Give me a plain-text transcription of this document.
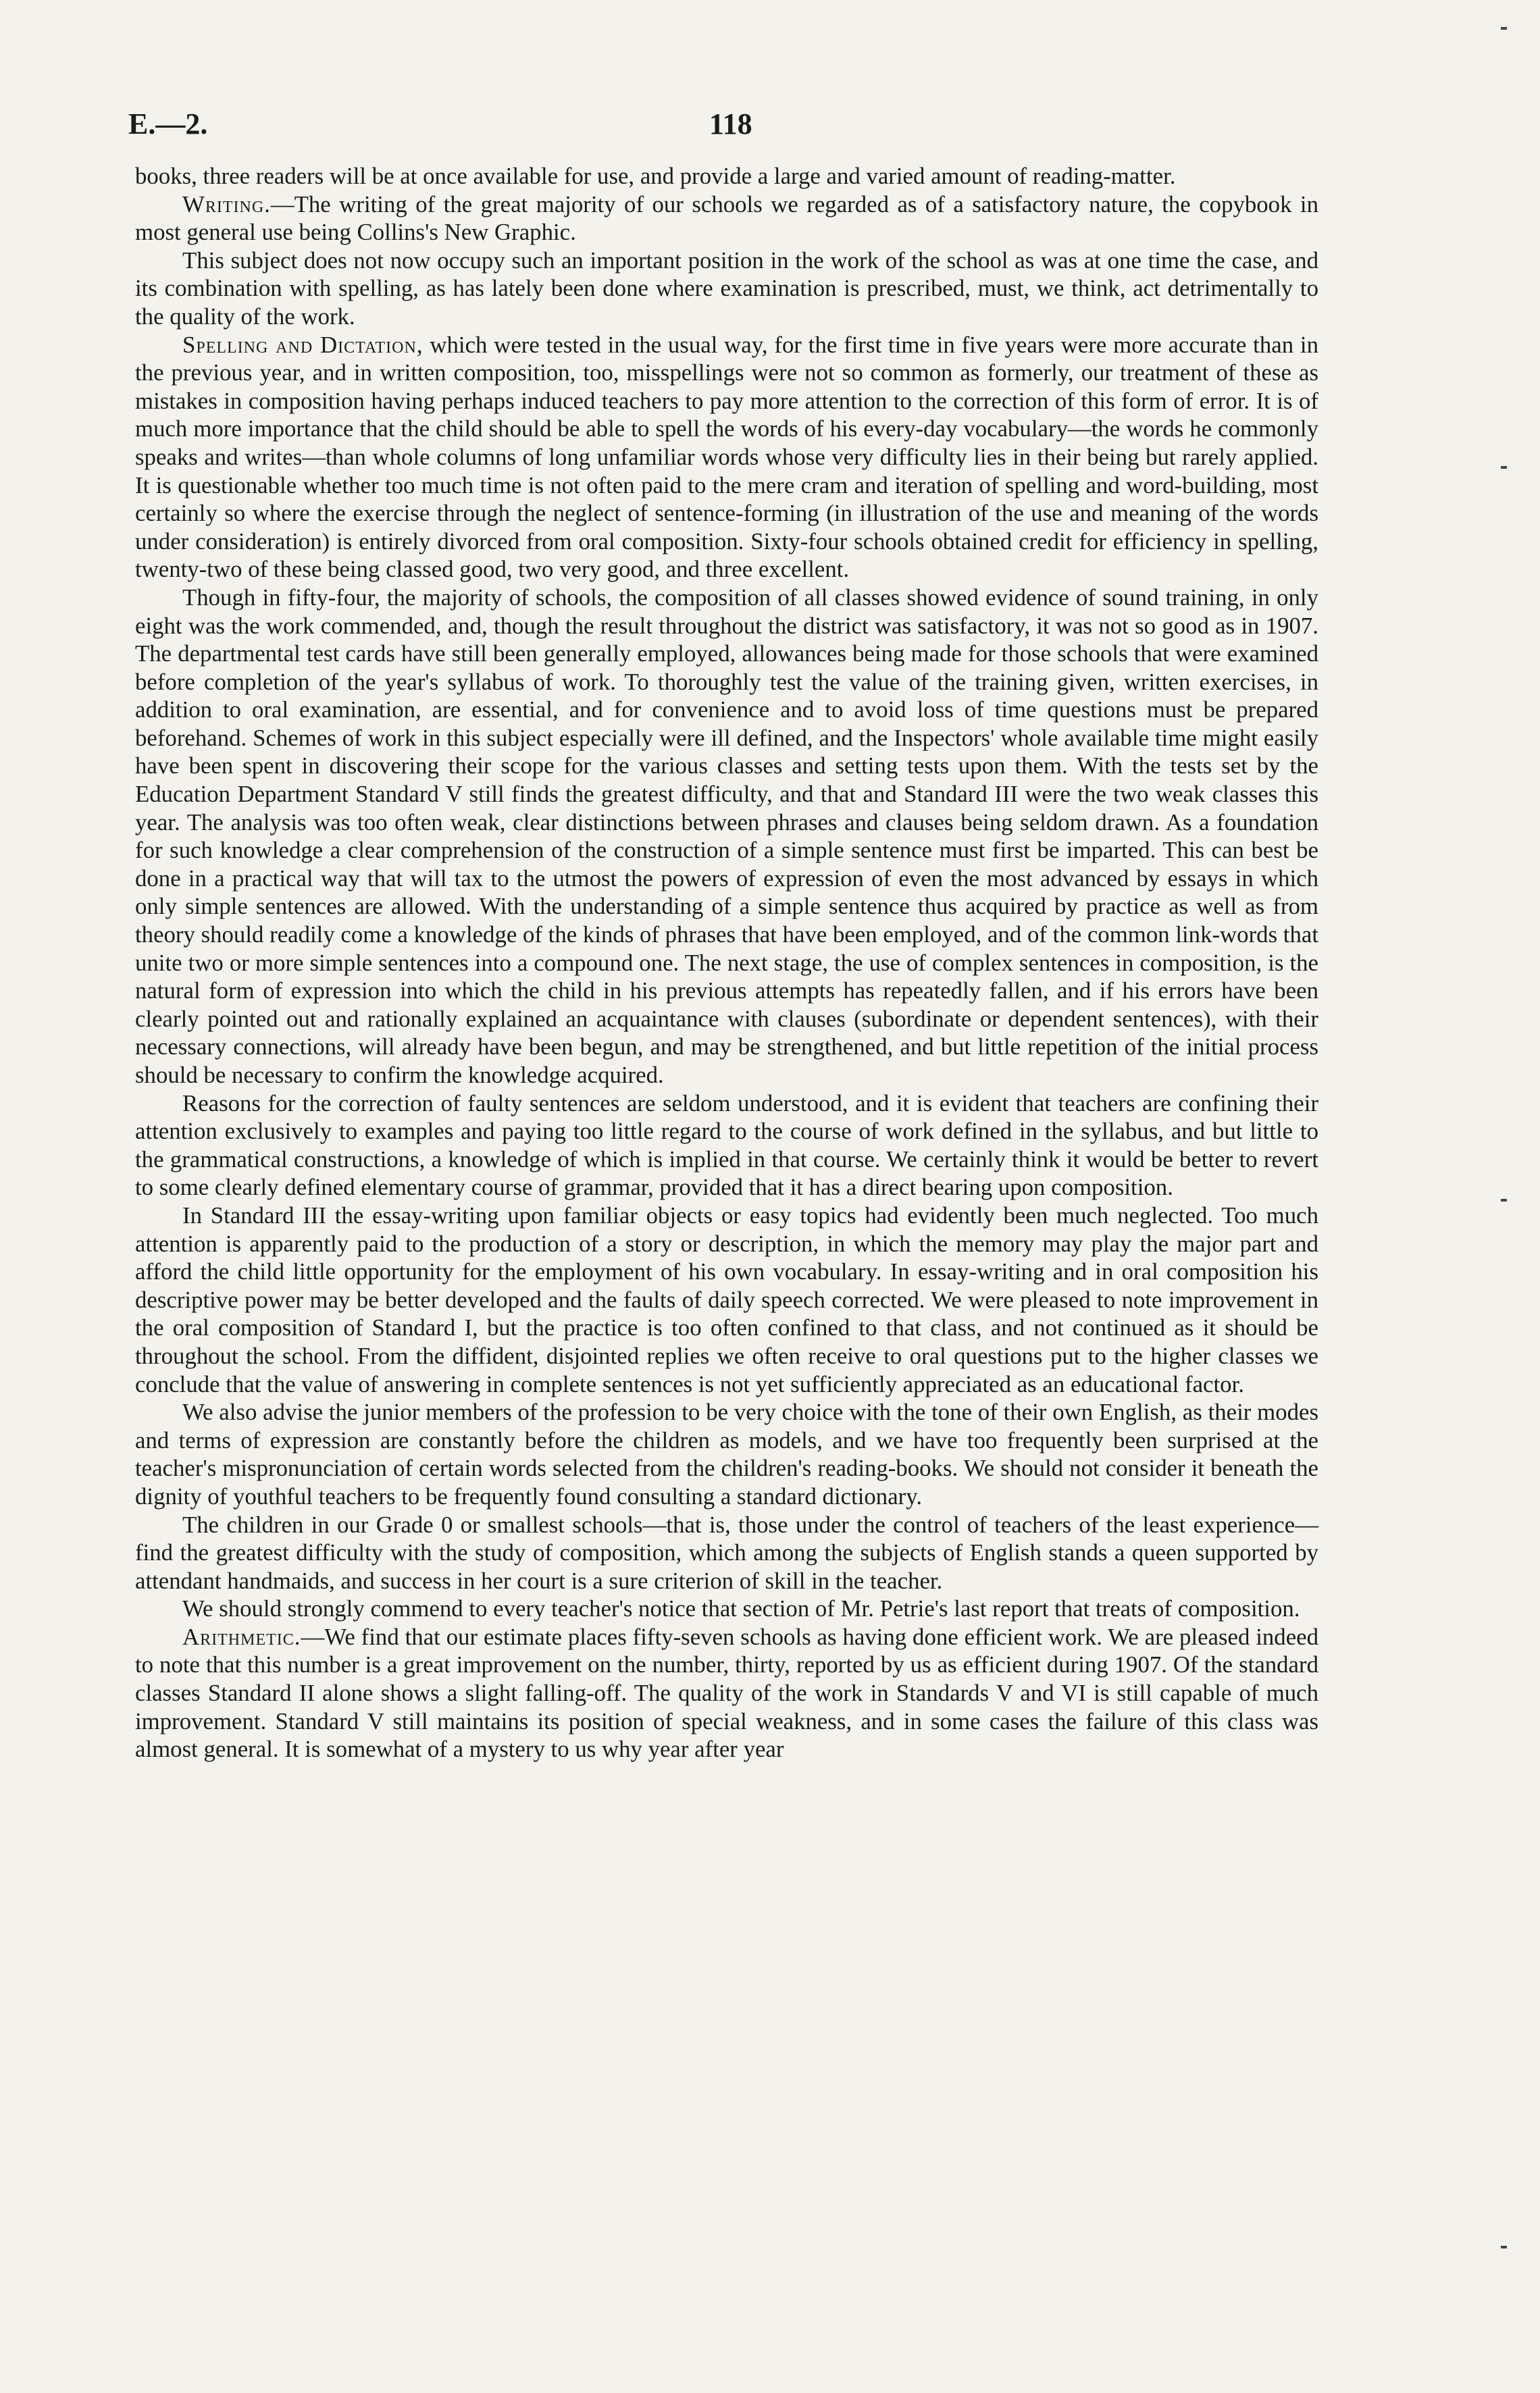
E.—2.	118

books, three readers will be at once available for use, and provide a large and varied amount of reading-matter.

Writing.—The writing of the great majority of our schools we regarded as of a satisfactory nature, the copybook in most general use being Collins's New Graphic.

This subject does not now occupy such an important position in the work of the school as was at one time the case, and its combination with spelling, as has lately been done where examination is prescribed, must, we think, act detrimentally to the quality of the work.

Spelling and Dictation, which were tested in the usual way, for the first time in five years were more accurate than in the previous year, and in written composition, too, misspellings were not so common as formerly, our treatment of these as mistakes in composition having perhaps induced teachers to pay more attention to the correction of this form of error. It is of much more importance that the child should be able to spell the words of his every-day vocabulary—the words he commonly speaks and writes—than whole columns of long unfamiliar words whose very difficulty lies in their being but rarely applied. It is questionable whether too much time is not often paid to the mere cram and iteration of spelling and word-building, most certainly so where the exercise through the neglect of sentence-forming (in illustration of the use and meaning of the words under consideration) is entirely divorced from oral composition. Sixty-four schools obtained credit for efficiency in spelling, twenty-two of these being classed good, two very good, and three excellent.

Though in fifty-four, the majority of schools, the composition of all classes showed evidence of sound training, in only eight was the work commended, and, though the result throughout the district was satisfactory, it was not so good as in 1907. The departmental test cards have still been generally employed, allowances being made for those schools that were examined before completion of the year's syllabus of work. To thoroughly test the value of the training given, written exercises, in addition to oral examination, are essential, and for convenience and to avoid loss of time questions must be prepared beforehand. Schemes of work in this subject especially were ill defined, and the Inspectors' whole available time might easily have been spent in discovering their scope for the various classes and setting tests upon them. With the tests set by the Education Department Standard V still finds the greatest difficulty, and that and Standard III were the two weak classes this year. The analysis was too often weak, clear distinctions between phrases and clauses being seldom drawn. As a foundation for such knowledge a clear comprehension of the construction of a simple sentence must first be imparted. This can best be done in a practical way that will tax to the utmost the powers of expression of even the most advanced by essays in which only simple sentences are allowed. With the understanding of a simple sentence thus acquired by practice as well as from theory should readily come a knowledge of the kinds of phrases that have been employed, and of the common link-words that unite two or more simple sentences into a compound one. The next stage, the use of complex sentences in composition, is the natural form of expression into which the child in his previous attempts has repeatedly fallen, and if his errors have been clearly pointed out and rationally explained an acquaintance with clauses (subordinate or dependent sentences), with their necessary connections, will already have been begun, and may be strengthened, and but little repetition of the initial process should be necessary to confirm the knowledge acquired.

Reasons for the correction of faulty sentences are seldom understood, and it is evident that teachers are confining their attention exclusively to examples and paying too little regard to the course of work defined in the syllabus, and but little to the grammatical constructions, a knowledge of which is implied in that course. We certainly think it would be better to revert to some clearly defined elementary course of grammar, provided that it has a direct bearing upon composition.

In Standard III the essay-writing upon familiar objects or easy topics had evidently been much neglected. Too much attention is apparently paid to the production of a story or description, in which the memory may play the major part and afford the child little opportunity for the employment of his own vocabulary. In essay-writing and in oral composition his descriptive power may be better developed and the faults of daily speech corrected. We were pleased to note improvement in the oral composition of Standard I, but the practice is too often confined to that class, and not continued as it should be throughout the school. From the diffident, disjointed replies we often receive to oral questions put to the higher classes we conclude that the value of answering in complete sentences is not yet sufficiently appreciated as an educational factor.

We also advise the junior members of the profession to be very choice with the tone of their own English, as their modes and terms of expression are constantly before the children as models, and we have too frequently been surprised at the teacher's mispronunciation of certain words selected from the children's reading-books. We should not consider it beneath the dignity of youthful teachers to be frequently found consulting a standard dictionary.

The children in our Grade 0 or smallest schools—that is, those under the control of teachers of the least experience—find the greatest difficulty with the study of composition, which among the subjects of English stands a queen supported by attendant handmaids, and success in her court is a sure criterion of skill in the teacher.

We should strongly commend to every teacher's notice that section of Mr. Petrie's last report that treats of composition.

Arithmetic.—We find that our estimate places fifty-seven schools as having done efficient work. We are pleased indeed to note that this number is a great improvement on the number, thirty, reported by us as efficient during 1907. Of the standard classes Standard II alone shows a slight falling-off. The quality of the work in Standards V and VI is still capable of much improvement. Standard V still maintains its position of special weakness, and in some cases the failure of this class was almost general. It is somewhat of a mystery to us why year after year
